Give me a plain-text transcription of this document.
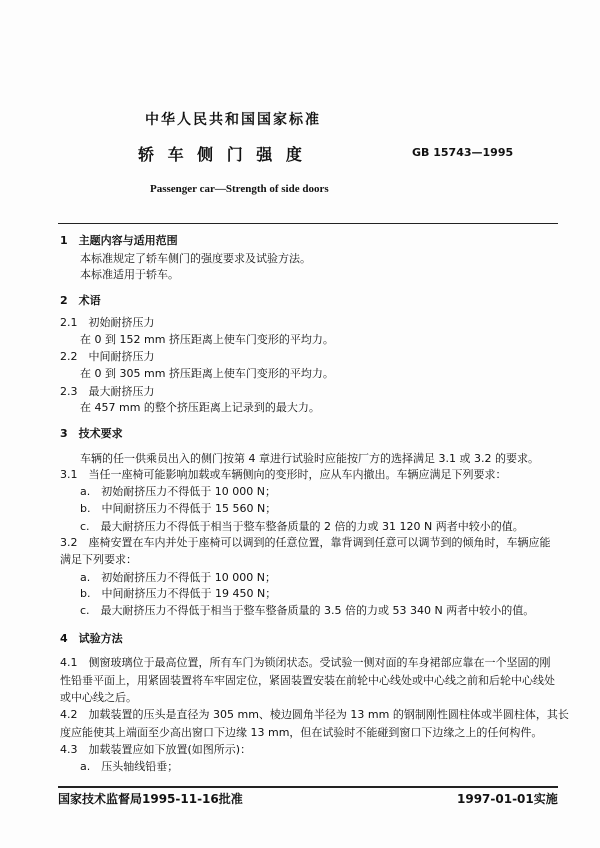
中华人民共和国国家标准
轿 车 侧 门 强 度	GB 15743—1995
Passenger car—Strength of side doors
1　主题内容与适用范围
本标准规定了轿车侧门的强度要求及试验方法。
本标准适用于轿车。
2　术语
2.1　初始耐挤压力
在 0 到 152 mm 挤压距离上使车门变形的平均力。
2.2　中间耐挤压力
在 0 到 305 mm 挤压距离上使车门变形的平均力。
2.3　最大耐挤压力
在 457 mm 的整个挤压距离上记录到的最大力。
3　技术要求
车辆的任一供乘员出入的侧门按第 4 章进行试验时应能按厂方的选择满足 3.1 或 3.2 的要求。
3.1　当任一座椅可能影响加载或车辆侧向的变形时，应从车内撤出。车辆应满足下列要求：
a.　初始耐挤压力不得低于 10 000 N；
b.　中间耐挤压力不得低于 15 560 N；
c.　最大耐挤压力不得低于相当于整车整备质量的 2 倍的力或 31 120 N 两者中较小的值。
3.2　座椅安置在车内并处于座椅可以调到的任意位置，靠背调到任意可以调节到的倾角时，车辆应能
满足下列要求：
a.　初始耐挤压力不得低于 10 000 N；
b.　中间耐挤压力不得低于 19 450 N；
c.　最大耐挤压力不得低于相当于整车整备质量的 3.5 倍的力或 53 340 N 两者中较小的值。
4　试验方法
4.1　侧窗玻璃位于最高位置，所有车门为锁闭状态。受试验一侧对面的车身裙部应靠在一个坚固的刚
性铅垂平面上，用紧固装置将车牢固定位，紧固装置安装在前轮中心线处或中心线之前和后轮中心线处
或中心线之后。
4.2　加载装置的压头是直径为 305 mm、棱边圆角半径为 13 mm 的钢制刚性圆柱体或半圆柱体，其长
度应能使其上端面至少高出窗口下边缘 13 mm，但在试验时不能碰到窗口下边缘之上的任何构件。
4.3　加载装置应如下放置(如图所示)：
a.　压头轴线铅垂；
国家技术监督局1995-11-16批准	1997-01-01实施
